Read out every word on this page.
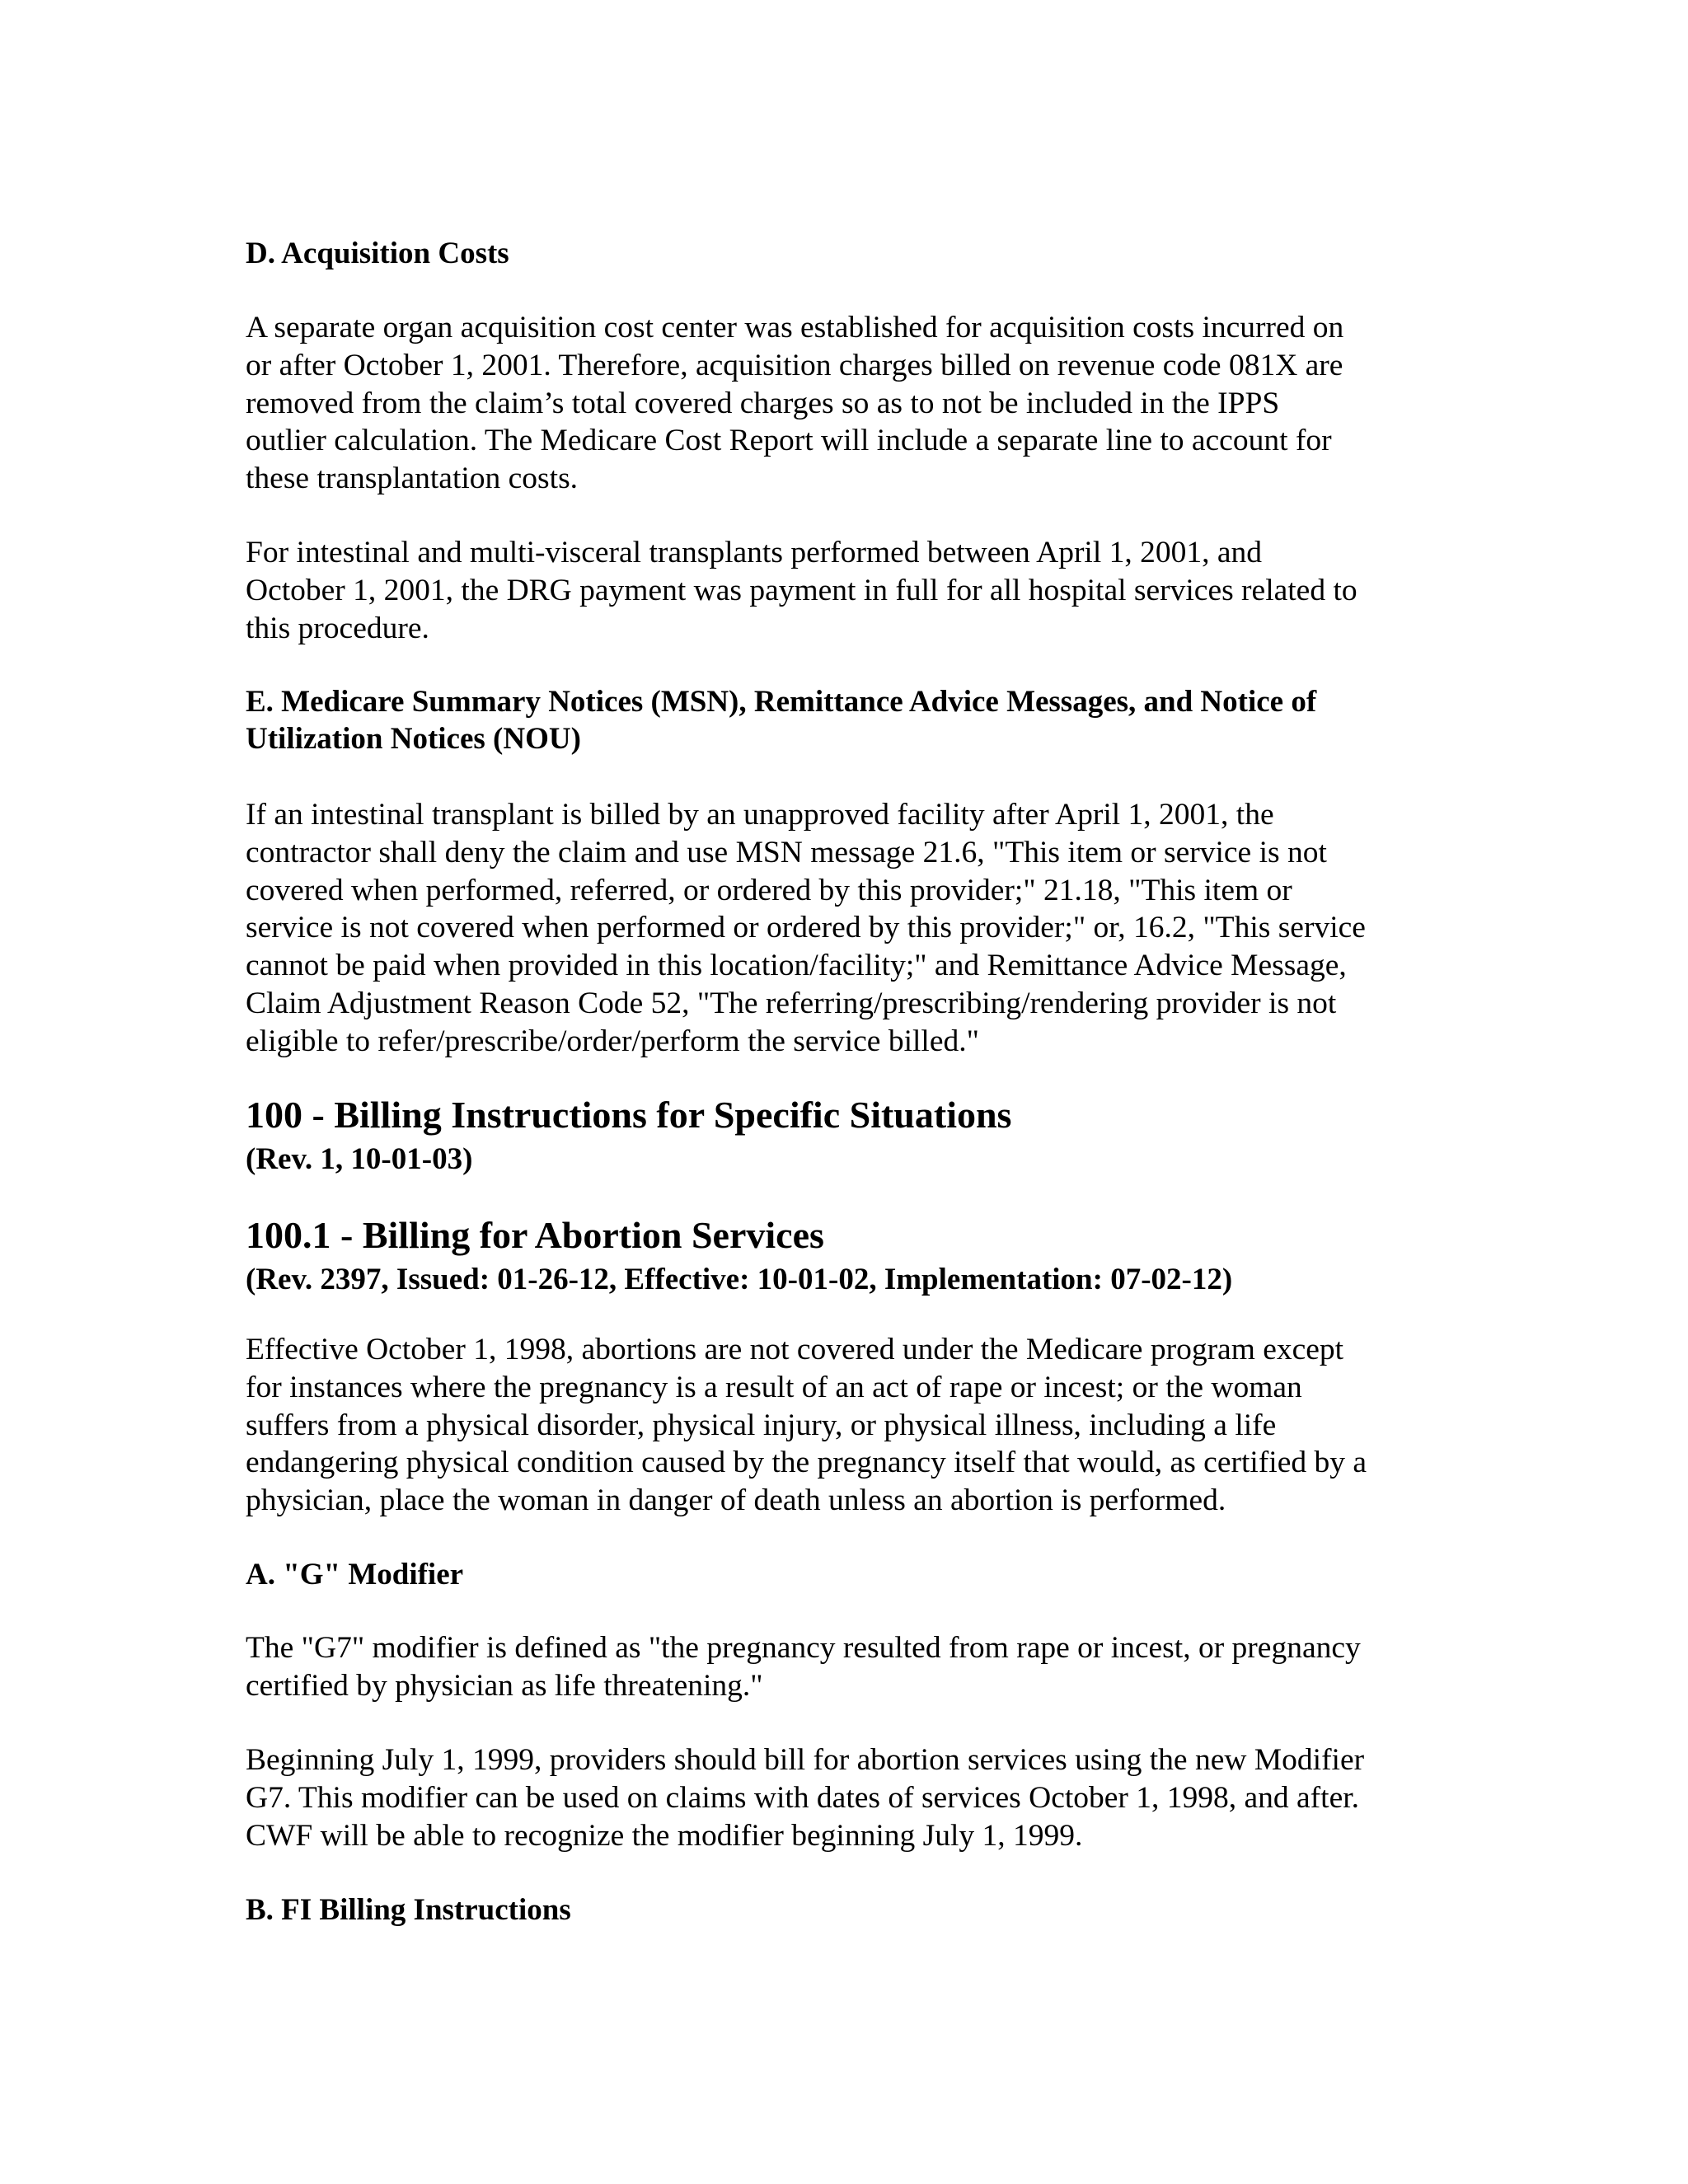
D. Acquisition Costs

A separate organ acquisition cost center was established for acquisition costs incurred on
or after October 1, 2001. Therefore, acquisition charges billed on revenue code 081X are
removed from the claim’s total covered charges so as to not be included in the IPPS
outlier calculation. The Medicare Cost Report will include a separate line to account for
these transplantation costs.

For intestinal and multi-visceral transplants performed between April 1, 2001, and
October 1, 2001, the DRG payment was payment in full for all hospital services related to
this procedure.

E. Medicare Summary Notices (MSN), Remittance Advice Messages, and Notice of
Utilization Notices (NOU)

If an intestinal transplant is billed by an unapproved facility after April 1, 2001, the
contractor shall deny the claim and use MSN message 21.6, "This item or service is not
covered when performed, referred, or ordered by this provider;" 21.18, "This item or
service is not covered when performed or ordered by this provider;" or, 16.2, "This service
cannot be paid when provided in this location/facility;" and Remittance Advice Message,
Claim Adjustment Reason Code 52, "The referring/prescribing/rendering provider is not
eligible to refer/prescribe/order/perform the service billed."

100 - Billing Instructions for Specific Situations
(Rev. 1, 10-01-03)
100.1 - Billing for Abortion Services
(Rev. 2397, Issued: 01-26-12, Effective: 10-01-02, Implementation: 07-02-12)

Effective October 1, 1998, abortions are not covered under the Medicare program except
for instances where the pregnancy is a result of an act of rape or incest; or the woman
suffers from a physical disorder, physical injury, or physical illness, including a life
endangering physical condition caused by the pregnancy itself that would, as certified by a
physician, place the woman in danger of death unless an abortion is performed.

A. "G" Modifier

The "G7" modifier is defined as "the pregnancy resulted from rape or incest, or pregnancy
certified by physician as life threatening."

Beginning July 1, 1999, providers should bill for abortion services using the new Modifier
G7. This modifier can be used on claims with dates of services October 1, 1998, and after.
CWF will be able to recognize the modifier beginning July 1, 1999.

B. FI Billing Instructions
